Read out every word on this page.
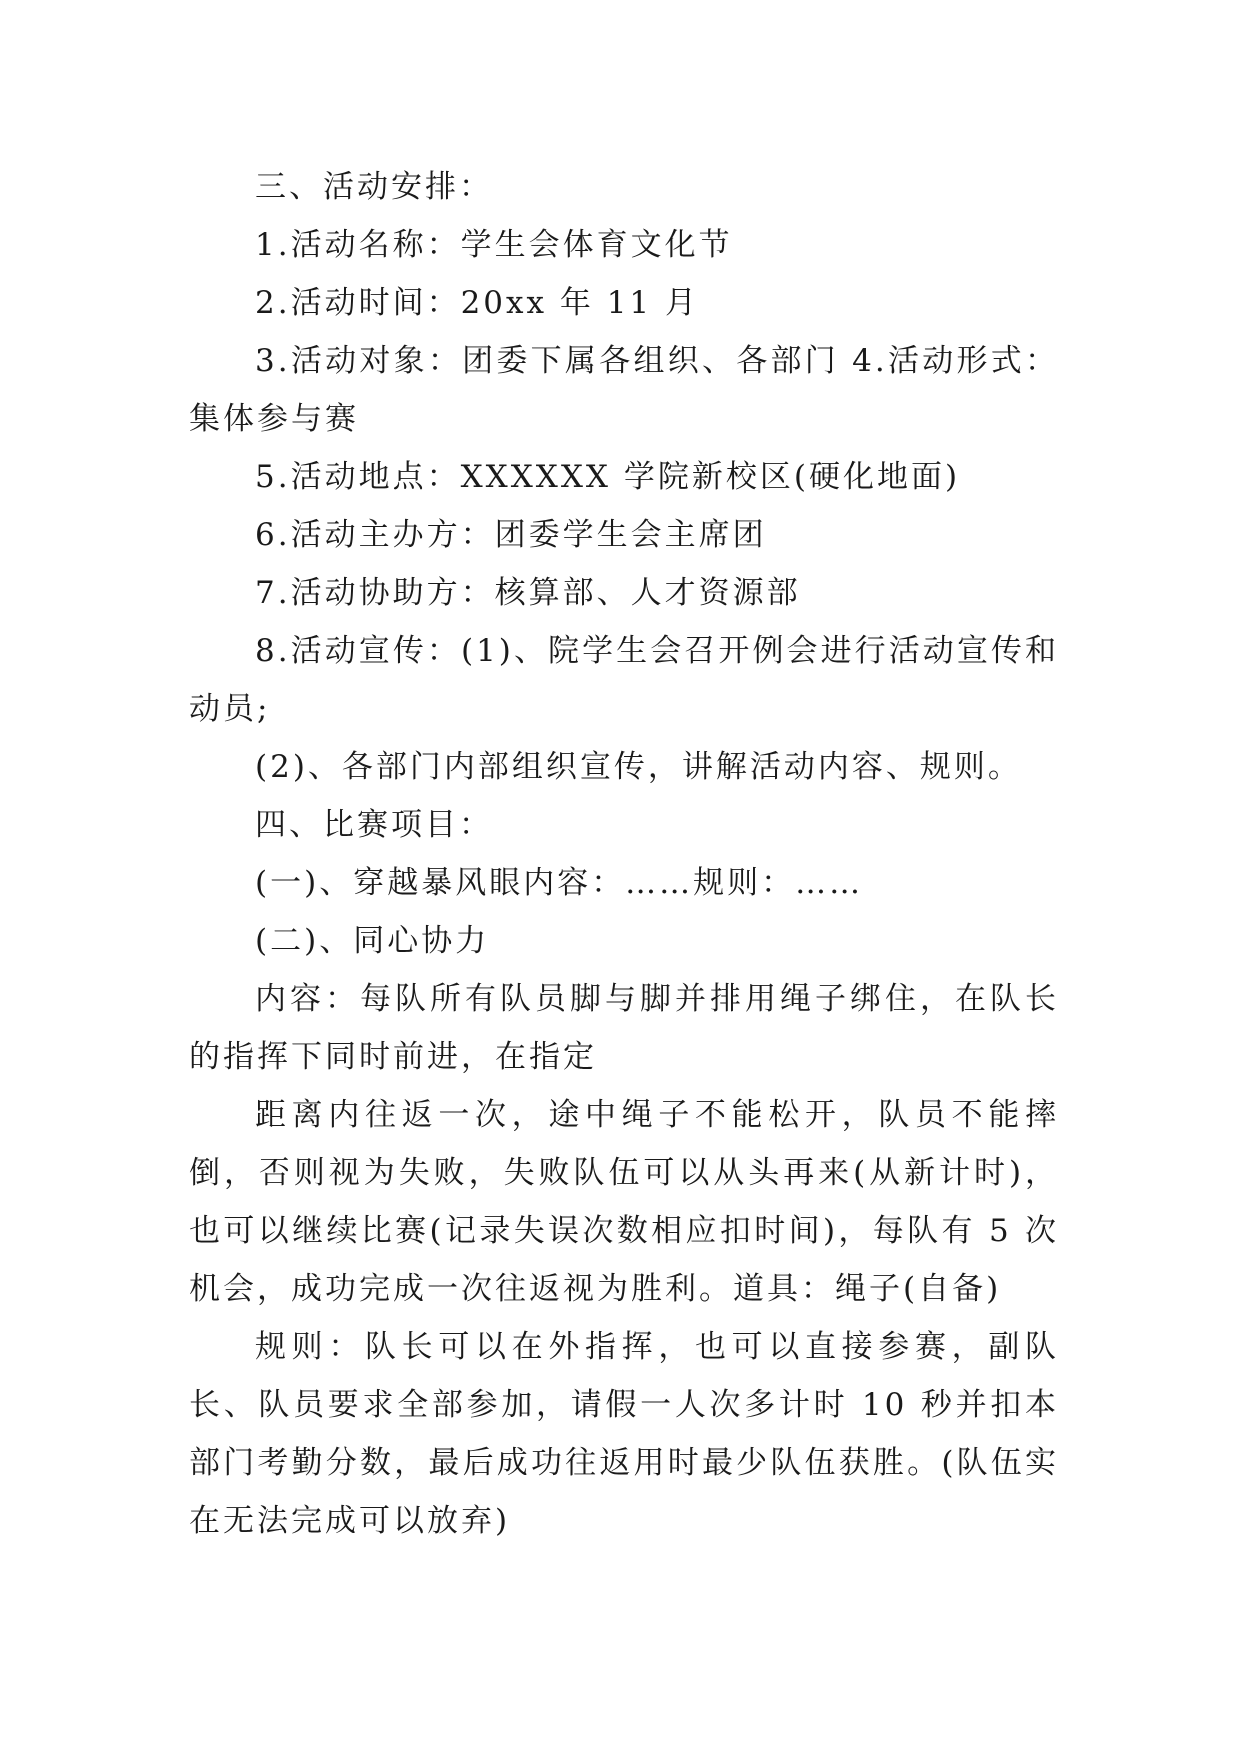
三、活动安排：

1.活动名称：学生会体育文化节

2.活动时间：20xx 年 11 月

3.活动对象：团委下属各组织、各部门 4.活动形式：集体参与赛

5.活动地点：XXXXXX 学院新校区(硬化地面)

6.活动主办方：团委学生会主席团

7.活动协助方：核算部、人才资源部

8.活动宣传：(1)、院学生会召开例会进行活动宣传和动员;

(2)、各部门内部组织宣传，讲解活动内容、规则。

四、比赛项目：

(一)、穿越暴风眼内容：……规则：……

(二)、同心协力

内容：每队所有队员脚与脚并排用绳子绑住，在队长的指挥下同时前进，在指定

距离内往返一次，途中绳子不能松开，队员不能摔倒，否则视为失败，失败队伍可以从头再来(从新计时)，也可以继续比赛(记录失误次数相应扣时间)，每队有 5 次机会，成功完成一次往返视为胜利。道具：绳子(自备)

规则：队长可以在外指挥，也可以直接参赛，副队长、队员要求全部参加，请假一人次多计时 10 秒并扣本部门考勤分数，最后成功往返用时最少队伍获胜。(队伍实在无法完成可以放弃)
